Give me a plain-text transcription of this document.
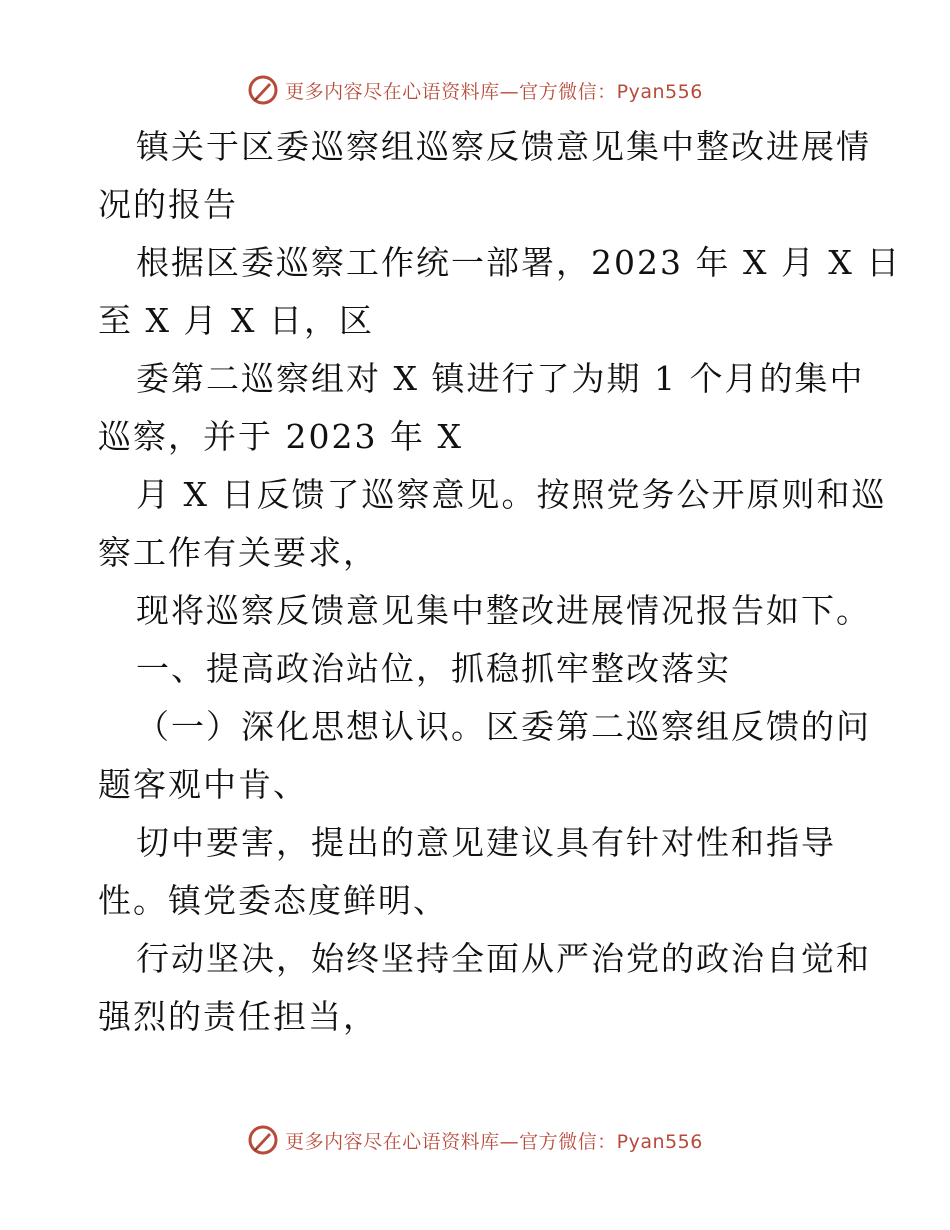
更多内容尽在心语资料库—官方微信：Pyan556

镇关于区委巡察组巡察反馈意见集中整改进展情
况的报告

根据区委巡察工作统一部署，2023 年 X 月 X 日
至 X 月 X 日，区

委第二巡察组对 X 镇进行了为期 1 个月的集中
巡察，并于 2023 年 X

月 X 日反馈了巡察意见。按照党务公开原则和巡
察工作有关要求，

现将巡察反馈意见集中整改进展情况报告如下。

一、提高政治站位，抓稳抓牢整改落实

（一）深化思想认识。区委第二巡察组反馈的问
题客观中肯、

切中要害，提出的意见建议具有针对性和指导
性。镇党委态度鲜明、

行动坚决，始终坚持全面从严治党的政治自觉和
强烈的责任担当，

更多内容尽在心语资料库—官方微信：Pyan556
